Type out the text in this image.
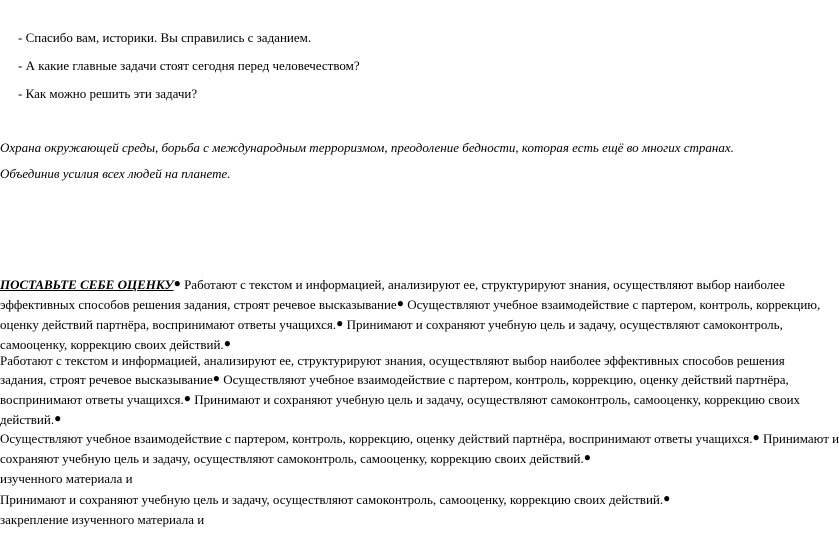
- Спасибо вам, историки. Вы справились с заданием.
- А какие главные задачи стоят сегодня перед человечеством?
- Как можно решить эти задачи?
Охрана окружающей среды, борьба с международным терроризмом, преодоление бедности, которая есть ещё во многих странах.
Объединив усилия всех людей на планете.

ПОСТАВЬТЕ СЕБЕ ОЦЕНКУ● Работают с текстом и информацией, анализируют ее, структурируют знания, осуществляют выбор наиболее

эффективных способов решения задания, строят речевое высказывание● Осуществляют учебное взаимодействие с партером, контроль, коррекцию,

оценку действий партнёра, воспринимают ответы учащихся.● Принимают и сохраняют учебную цель и задачу, осуществляют самоконтроль,

самооценку, коррекцию своих действий.●

Работают с текстом и информацией, анализируют ее, структурируют знания, осуществляют выбор наиболее эффективных способов решения

задания, строят речевое высказывание● Осуществляют учебное взаимодействие с партером, контроль, коррекцию, оценку действий партнёра,

воспринимают ответы учащихся.● Принимают и сохраняют учебную цель и задачу, осуществляют самоконтроль, самооценку, коррекцию своих

действий.●

Осуществляют учебное взаимодействие с партером, контроль, коррекцию, оценку действий партнёра, воспринимают ответы учащихся.● Принимают и

сохраняют учебную цель и задачу, осуществляют самоконтроль, самооценку, коррекцию своих действий.●

изученного материала и

Принимают и сохраняют учебную цель и задачу, осуществляют самоконтроль, самооценку, коррекцию своих действий.●

закрепление изученного материала и
